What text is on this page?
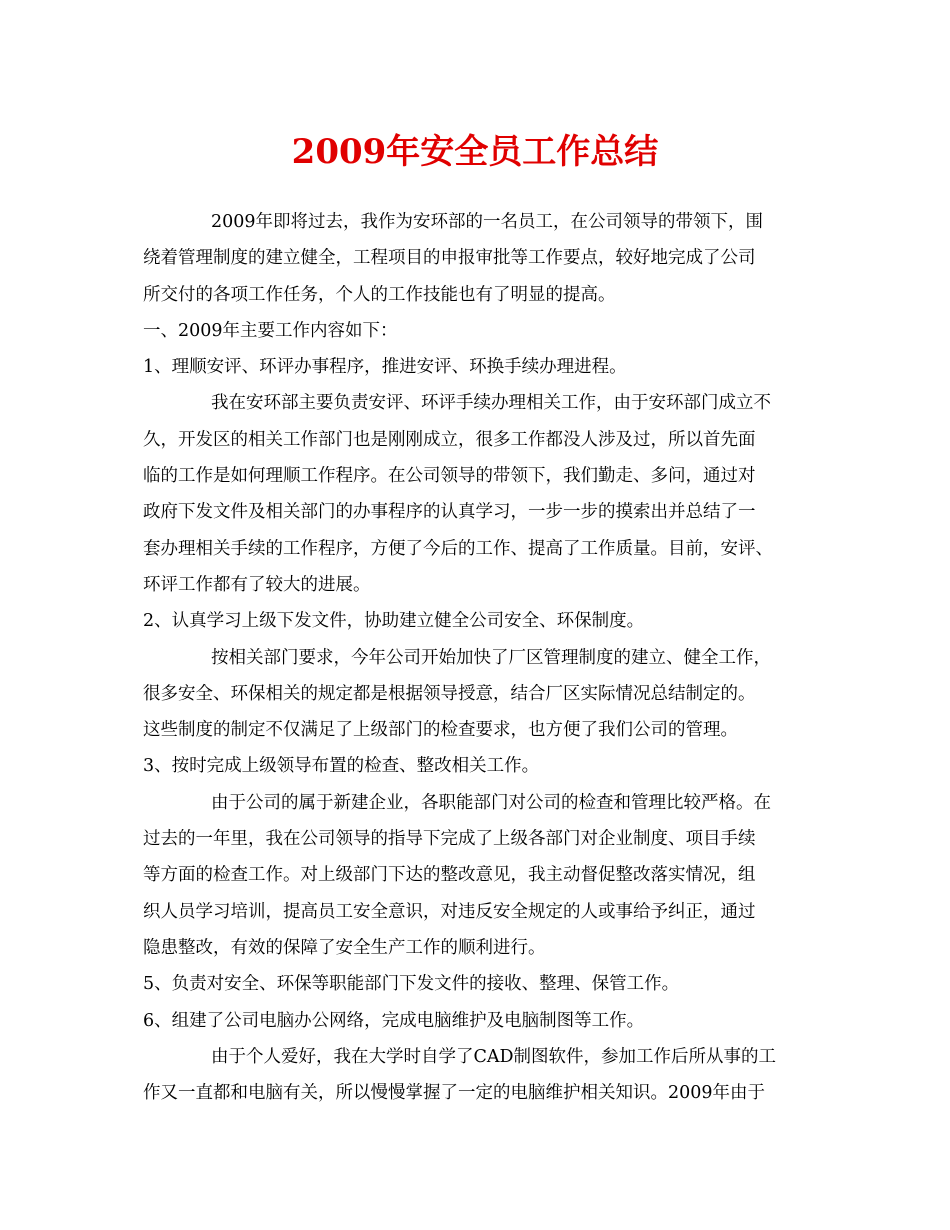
2009年安全员工作总结
2009年即将过去，我作为安环部的一名员工，在公司领导的带领下，围
绕着管理制度的建立健全，工程项目的申报审批等工作要点，较好地完成了公司
所交付的各项工作任务，个人的工作技能也有了明显的提高。
一、2009年主要工作内容如下：
1、理顺安评、环评办事程序，推进安评、环换手续办理进程。
我在安环部主要负责安评、环评手续办理相关工作，由于安环部门成立不
久，开发区的相关工作部门也是刚刚成立，很多工作都没人涉及过，所以首先面
临的工作是如何理顺工作程序。在公司领导的带领下，我们勤走、多问，通过对
政府下发文件及相关部门的办事程序的认真学习，一步一步的摸索出并总结了一
套办理相关手续的工作程序，方便了今后的工作、提高了工作质量。目前，安评、
环评工作都有了较大的进展。
2、认真学习上级下发文件，协助建立健全公司安全、环保制度。
按相关部门要求，今年公司开始加快了厂区管理制度的建立、健全工作，
很多安全、环保相关的规定都是根据领导授意，结合厂区实际情况总结制定的。
这些制度的制定不仅满足了上级部门的检查要求，也方便了我们公司的管理。
3、按时完成上级领导布置的检查、整改相关工作。
由于公司的属于新建企业，各职能部门对公司的检查和管理比较严格。在
过去的一年里，我在公司领导的指导下完成了上级各部门对企业制度、项目手续
等方面的检查工作。对上级部门下达的整改意见，我主动督促整改落实情况，组
织人员学习培训，提高员工安全意识，对违反安全规定的人或事给予纠正，通过
隐患整改，有效的保障了安全生产工作的顺利进行。
5、负责对安全、环保等职能部门下发文件的接收、整理、保管工作。
6、组建了公司电脑办公网络，完成电脑维护及电脑制图等工作。
由于个人爱好，我在大学时自学了CAD制图软件，参加工作后所从事的工
作又一直都和电脑有关，所以慢慢掌握了一定的电脑维护相关知识。2009年由于
